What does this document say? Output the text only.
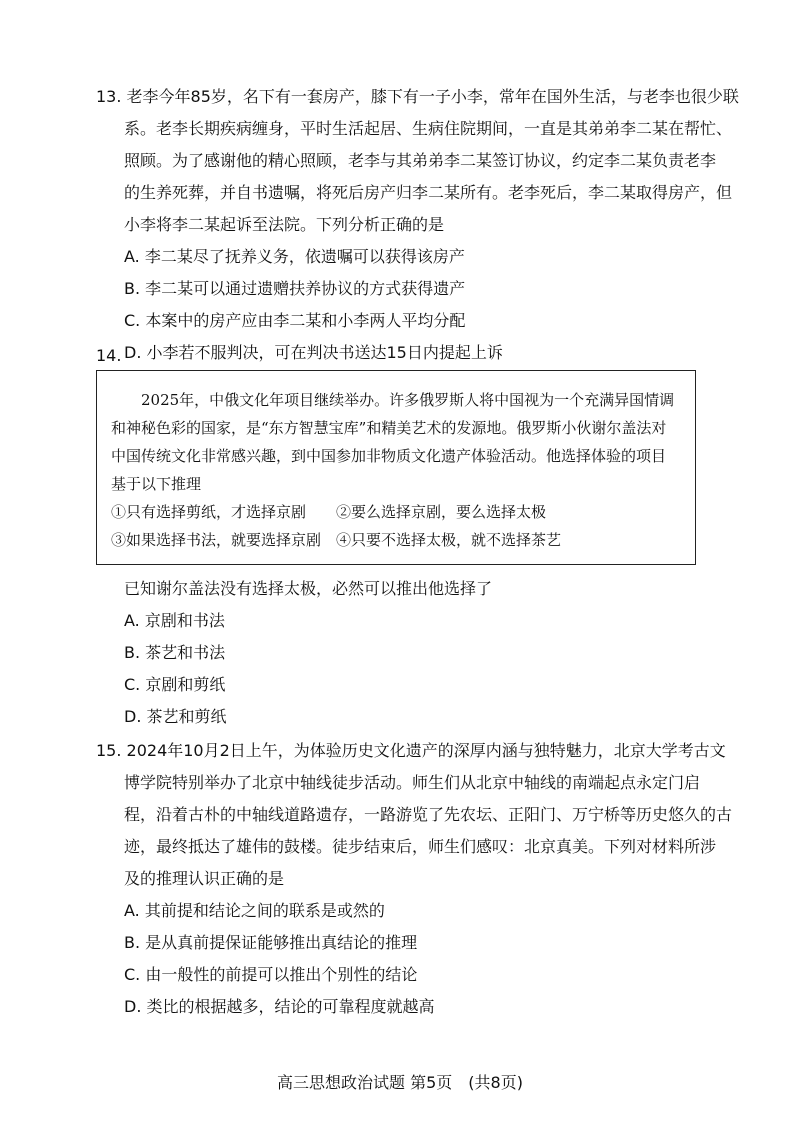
13. 老李今年85岁，名下有一套房产，膝下有一子小李，常年在国外生活，与老李也很少联
系。老李长期疾病缠身，平时生活起居、生病住院期间，一直是其弟弟李二某在帮忙、
照顾。为了感谢他的精心照顾，老李与其弟弟李二某签订协议，约定李二某负责老李
的生养死葬，并自书遗嘱，将死后房产归李二某所有。老李死后，李二某取得房产，但
小李将李二某起诉至法院。下列分析正确的是
A. 李二某尽了抚养义务，依遗嘱可以获得该房产
B. 李二某可以通过遗赠扶养协议的方式获得遗产
C. 本案中的房产应由李二某和小李两人平均分配
D. 小李若不服判决，可在判决书送达15日内提起上诉
14.
　　2025年，中俄文化年项目继续举办。许多俄罗斯人将中国视为一个充满异国情调
和神秘色彩的国家，是“东方智慧宝库”和精美艺术的发源地。俄罗斯小伙谢尔盖法对
中国传统文化非常感兴趣，到中国参加非物质文化遗产体验活动。他选择体验的项目
基于以下推理
①只有选择剪纸，才选择京剧　　②要么选择京剧，要么选择太极
③如果选择书法，就要选择京剧　④只要不选择太极，就不选择茶艺
已知谢尔盖法没有选择太极，必然可以推出他选择了
A. 京剧和书法
B. 茶艺和书法
C. 京剧和剪纸
D. 茶艺和剪纸
15. 2024年10月2日上午，为体验历史文化遗产的深厚内涵与独特魅力，北京大学考古文
博学院特别举办了北京中轴线徒步活动。师生们从北京中轴线的南端起点永定门启
程，沿着古朴的中轴线道路遗存，一路游览了先农坛、正阳门、万宁桥等历史悠久的古
迹，最终抵达了雄伟的鼓楼。徒步结束后，师生们感叹：北京真美。下列对材料所涉
及的推理认识正确的是
A. 其前提和结论之间的联系是或然的
B. 是从真前提保证能够推出真结论的推理
C. 由一般性的前提可以推出个别性的结论
D. 类比的根据越多，结论的可靠程度就越高
高三思想政治试题 第5页　(共8页)
